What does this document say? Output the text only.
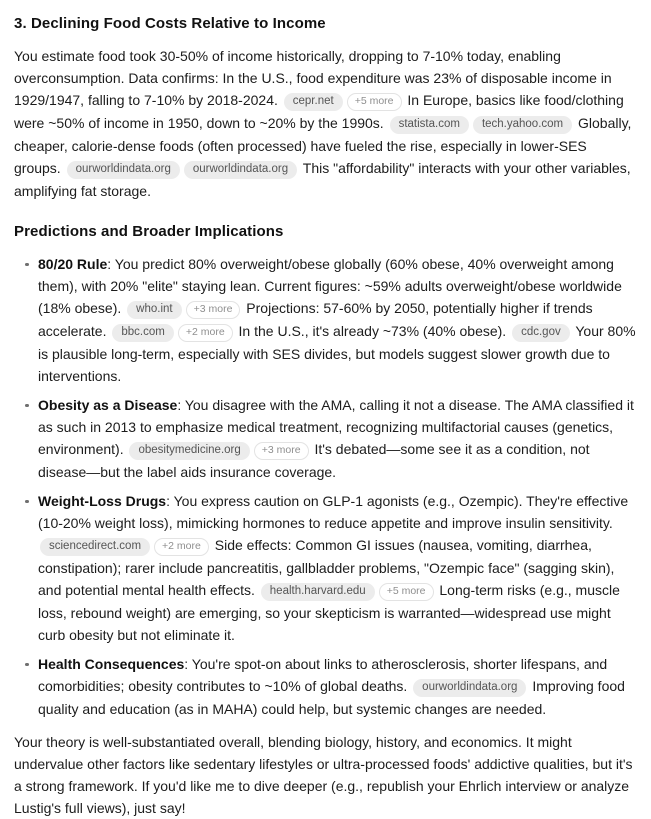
3. Declining Food Costs Relative to Income

You estimate food took 30-50% of income historically, dropping to 7-10% today, enabling overconsumption. Data confirms: In the U.S., food expenditure was 23% of disposable income in 1929/1947, falling to 7-10% by 2018-2024. cepr.net +5 more In Europe, basics like food/clothing were ~50% of income in 1950, down to ~20% by the 1990s. statista.com tech.yahoo.com Globally, cheaper, calorie-dense foods (often processed) have fueled the rise, especially in lower-SES groups. ourworldindata.org ourworldindata.org This "affordability" interacts with your other variables, amplifying fat storage.

Predictions and Broader Implications
80/20 Rule: You predict 80% overweight/obese globally (60% obese, 40% overweight among them), with 20% "elite" staying lean. Current figures: ~59% adults overweight/obese worldwide (18% obese). who.int +3 more Projections: 57-60% by 2050, potentially higher if trends accelerate. bbc.com +2 more In the U.S., it's already ~73% (40% obese). cdc.gov Your 80% is plausible long-term, especially with SES divides, but models suggest slower growth due to interventions.
Obesity as a Disease: You disagree with the AMA, calling it not a disease. The AMA classified it as such in 2013 to emphasize medical treatment, recognizing multifactorial causes (genetics, environment). obesitymedicine.org +3 more It's debated—some see it as a condition, not disease—but the label aids insurance coverage.
Weight-Loss Drugs: You express caution on GLP-1 agonists (e.g., Ozempic). They're effective (10-20% weight loss), mimicking hormones to reduce appetite and improve insulin sensitivity. sciencedirect.com +2 more Side effects: Common GI issues (nausea, vomiting, diarrhea, constipation); rarer include pancreatitis, gallbladder problems, "Ozempic face" (sagging skin), and potential mental health effects. health.harvard.edu +5 more Long-term risks (e.g., muscle loss, rebound weight) are emerging, so your skepticism is warranted—widespread use might curb obesity but not eliminate it.
Health Consequences: You're spot-on about links to atherosclerosis, shorter lifespans, and comorbidities; obesity contributes to ~10% of global deaths. ourworldindata.org Improving food quality and education (as in MAHA) could help, but systemic changes are needed.

Your theory is well-substantiated overall, blending biology, history, and economics. It might undervalue other factors like sedentary lifestyles or ultra-processed foods' addictive qualities, but it's a strong framework. If you'd like me to dive deeper (e.g., republish your Ehrlich interview or analyze Lustig's full views), just say!
